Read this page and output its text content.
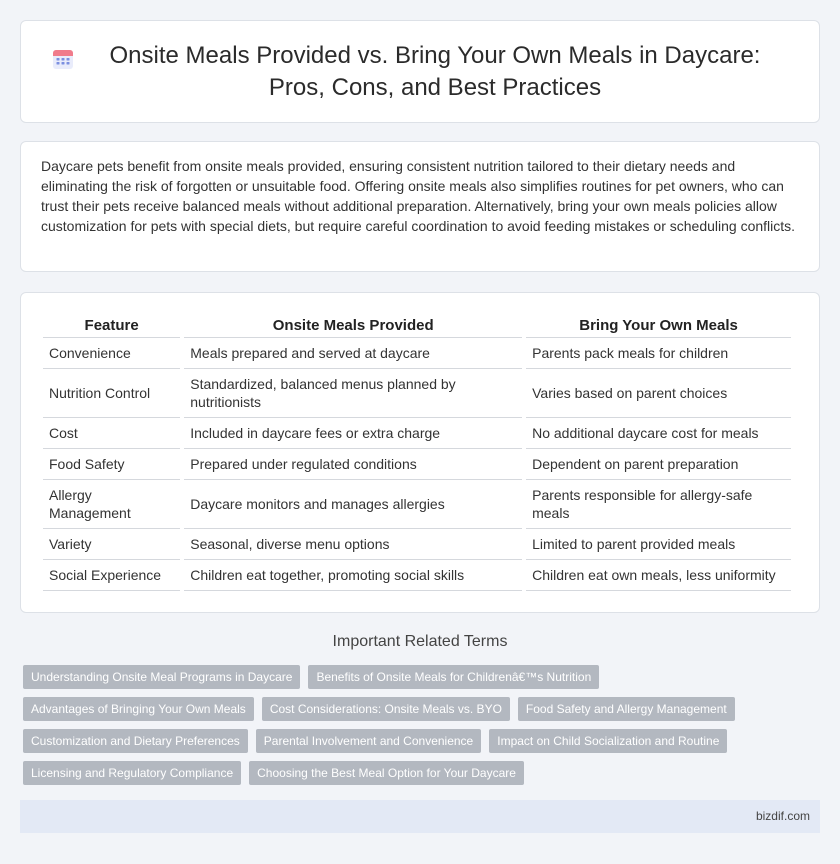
Onsite Meals Provided vs. Bring Your Own Meals in Daycare: Pros, Cons, and Best Practices

Daycare pets benefit from onsite meals provided, ensuring consistent nutrition tailored to their dietary needs and eliminating the risk of forgotten or unsuitable food. Offering onsite meals also simplifies routines for pet owners, who can trust their pets receive balanced meals without additional preparation. Alternatively, bring your own meals policies allow customization for pets with special diets, but require careful coordination to avoid feeding mistakes or scheduling conflicts.

Feature	Onsite Meals Provided	Bring Your Own Meals
Convenience	Meals prepared and served at daycare	Parents pack meals for children
Nutrition Control	Standardized, balanced menus planned by nutritionists	Varies based on parent choices
Cost	Included in daycare fees or extra charge	No additional daycare cost for meals
Food Safety	Prepared under regulated conditions	Dependent on parent preparation
Allergy Management	Daycare monitors and manages allergies	Parents responsible for allergy-safe meals
Variety	Seasonal, diverse menu options	Limited to parent provided meals
Social Experience	Children eat together, promoting social skills	Children eat own meals, less uniformity
Important Related Terms
Understanding Onsite Meal Programs in Daycare	Benefits of Onsite Meals for Childrenâ€™s Nutrition
Advantages of Bringing Your Own Meals	Cost Considerations: Onsite Meals vs. BYO	Food Safety and Allergy Management
Customization and Dietary Preferences	Parental Involvement and Convenience	Impact on Child Socialization and Routine
Licensing and Regulatory Compliance	Choosing the Best Meal Option for Your Daycare
bizdif.com
